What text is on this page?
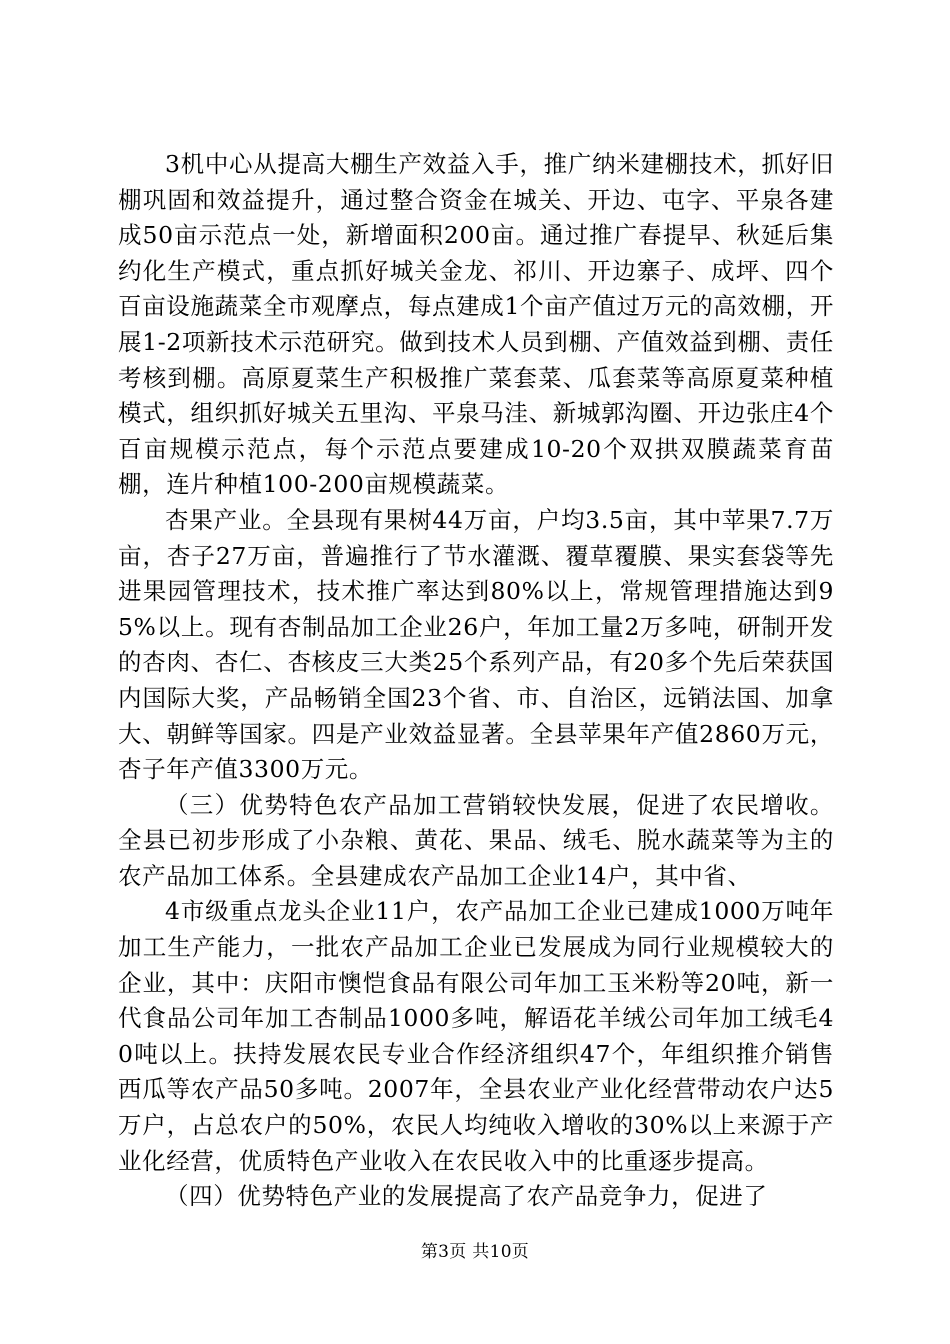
3机中心从提高大棚生产效益入手，推广纳米建棚技术，抓好旧棚巩固和效益提升，通过整合资金在城关、开边、屯字、平泉各建成50亩示范点一处，新增面积200亩。通过推广春提早、秋延后集约化生产模式，重点抓好城关金龙、祁川、开边寨子、成坪、四个百亩设施蔬菜全市观摩点，每点建成1个亩产值过万元的高效棚，开展1-2项新技术示范研究。做到技术人员到棚、产值效益到棚、责任考核到棚。高原夏菜生产积极推广菜套菜、瓜套菜等高原夏菜种植模式，组织抓好城关五里沟、平泉马洼、新城郭沟圈、开边张庄4个百亩规模示范点，每个示范点要建成10-20个双拱双膜蔬菜育苗棚，连片种植100-200亩规模蔬菜。

杏果产业。全县现有果树44万亩，户均3.5亩，其中苹果7.7万亩，杏子27万亩，普遍推行了节水灌溉、覆草覆膜、果实套袋等先进果园管理技术，技术推广率达到80%以上，常规管理措施达到95%以上。现有杏制品加工企业26户，年加工量2万多吨，研制开发的杏肉、杏仁、杏核皮三大类25个系列产品，有20多个先后荣获国内国际大奖，产品畅销全国23个省、市、自治区，远销法国、加拿大、朝鲜等国家。四是产业效益显著。全县苹果年产值2860万元，杏子年产值3300万元。

（三）优势特色农产品加工营销较快发展，促进了农民增收。全县已初步形成了小杂粮、黄花、果品、绒毛、脱水蔬菜等为主的农产品加工体系。全县建成农产品加工企业14户，其中省、

4市级重点龙头企业11户，农产品加工企业已建成1000万吨年加工生产能力，一批农产品加工企业已发展成为同行业规模较大的企业，其中：庆阳市懊恺食品有限公司年加工玉米粉等20吨，新一代食品公司年加工杏制品1000多吨，解语花羊绒公司年加工绒毛40吨以上。扶持发展农民专业合作经济组织47个，年组织推介销售西瓜等农产品50多吨。2007年，全县农业产业化经营带动农户达5万户，占总农户的50%，农民人均纯收入增收的30%以上来源于产业化经营，优质特色产业收入在农民收入中的比重逐步提高。

（四）优势特色产业的发展提高了农产品竞争力，促进了

第3页 共10页
